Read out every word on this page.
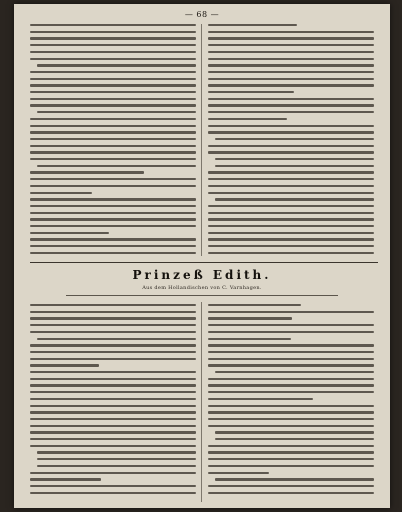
— 68 —
Prinzeß Edith.
Aus dem Hollandischen von C. Varnhagen.
